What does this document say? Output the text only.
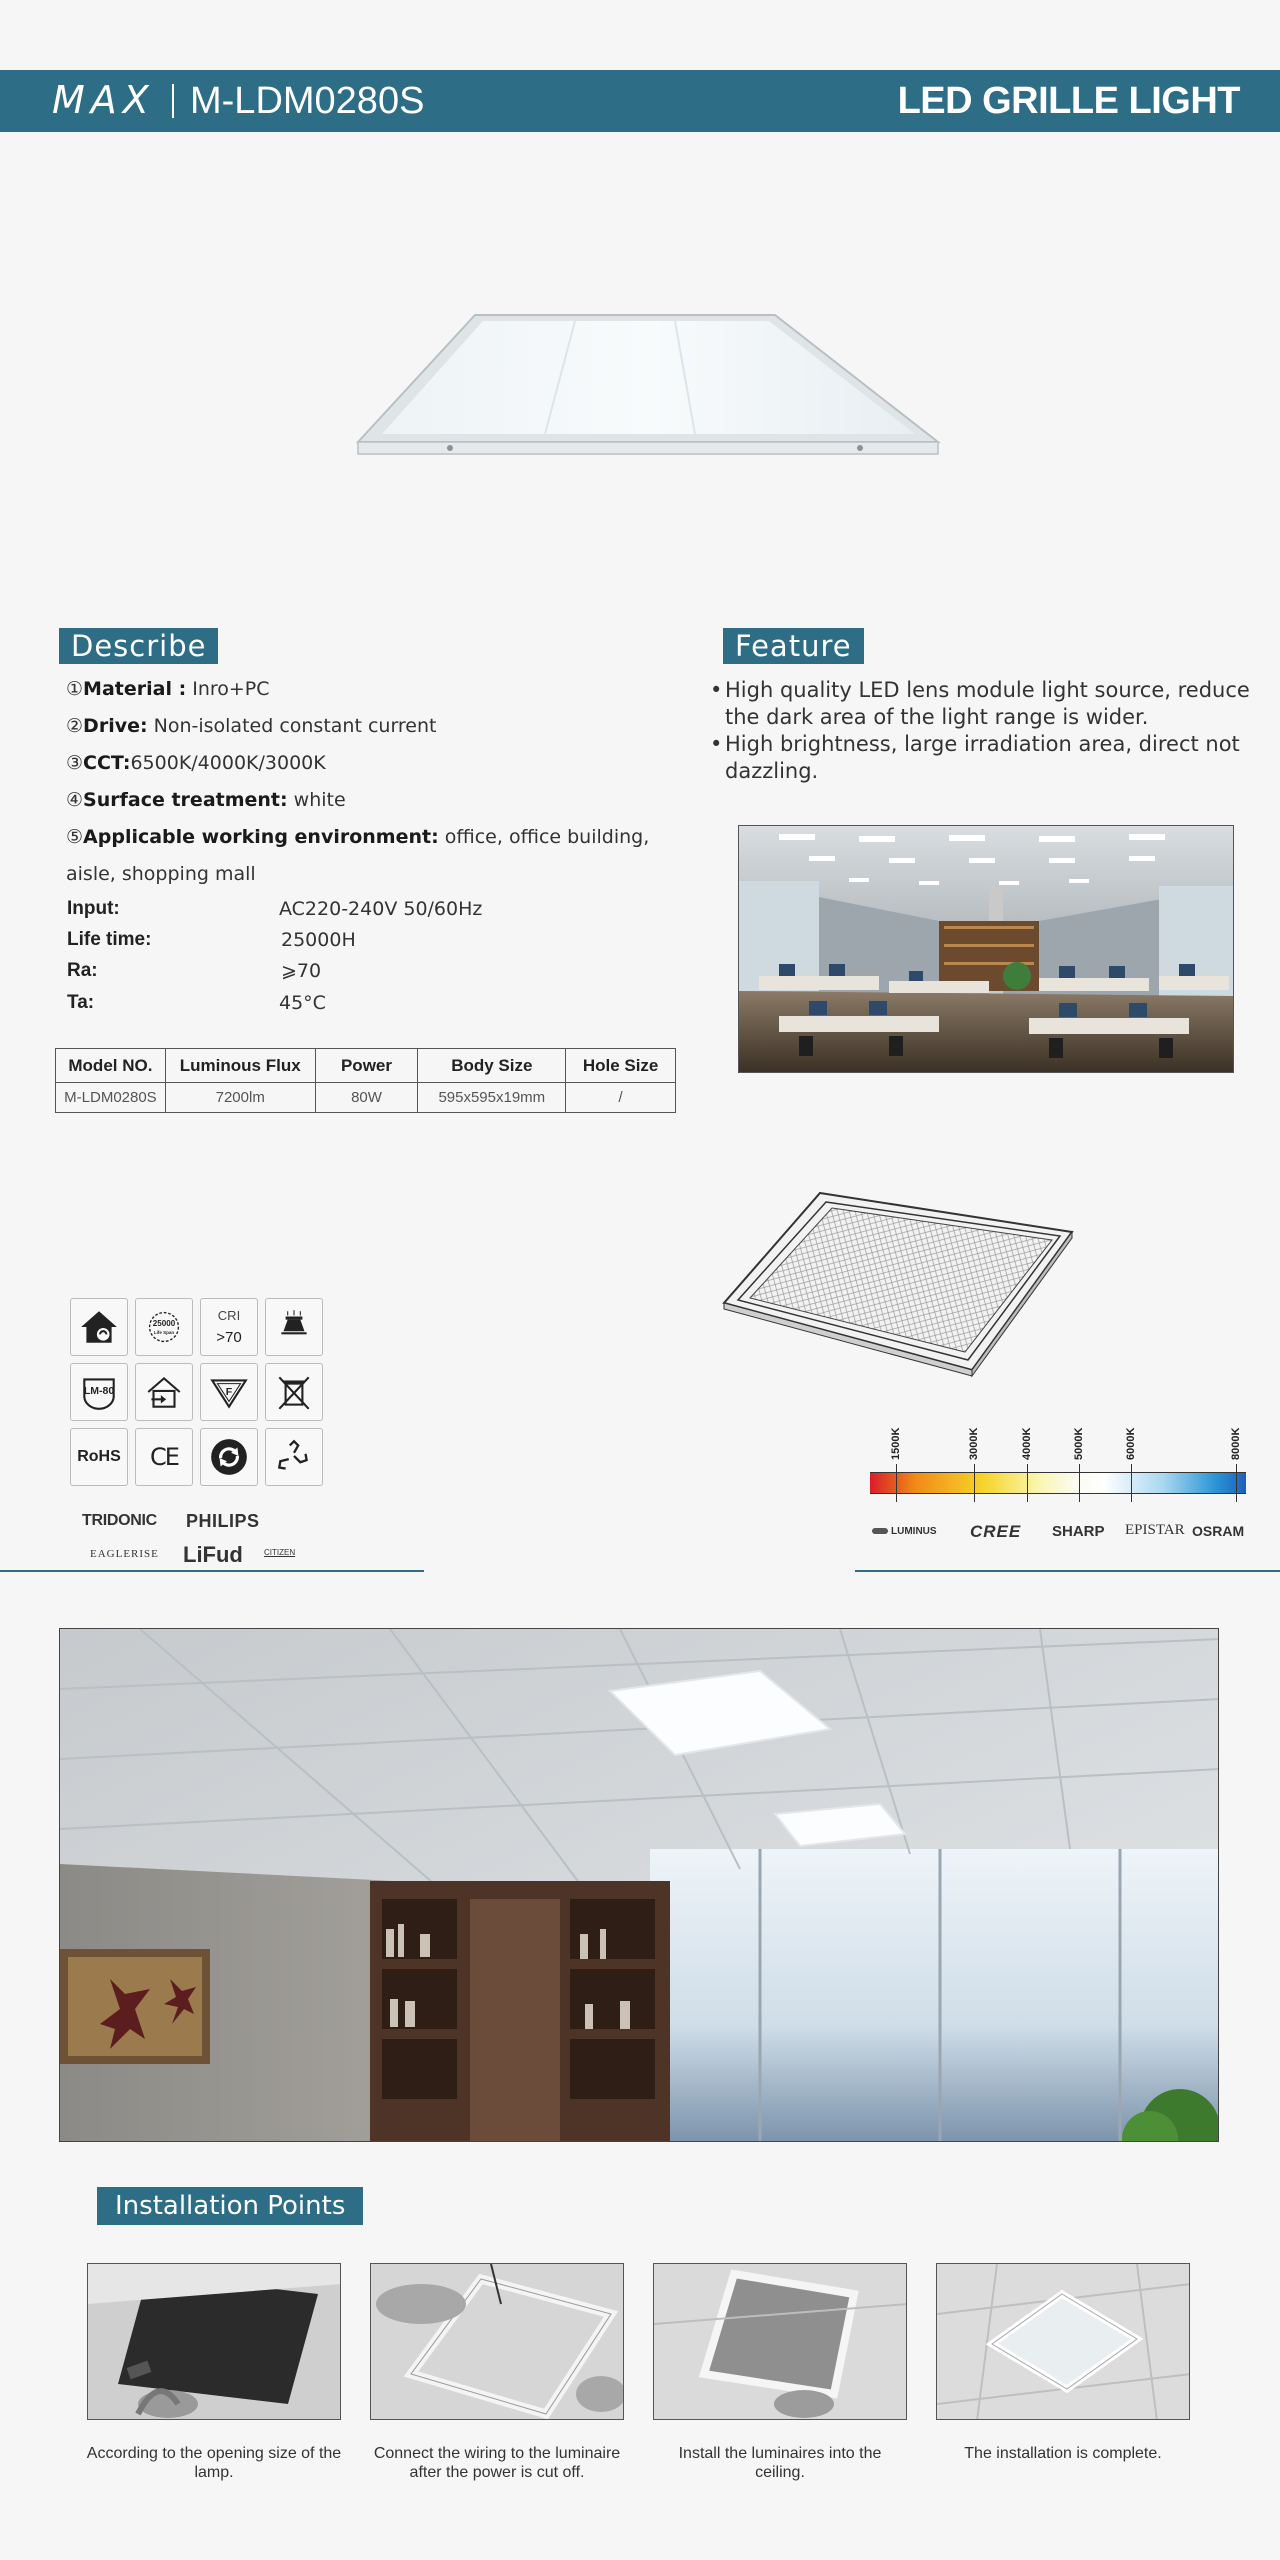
MAX M-LDM0280S	LED GRILLE LIGHT
Describe
①Material : Inro+PC
②Drive: Non-isolated constant current
③CCT:6500K/4000K/3000K
④Surface treatment: white
⑤Applicable working environment: office, office building,
aisle, shopping mall
Input:	AC220-240V 50/60Hz
Life time:	25000H
Ra:	⩾70
Ta:	45°C
Model NO.	Luminous Flux	Power	Body Size	Hole Size
M-LDM0280S	7200lm	80W	595x595x19mm	/
Feature
• High quality LED lens module light source, reduce the dark area of the light range is wider.
• High brightness, large irradiation area, direct not dazzling.
25000
Life Span
CRI
>70
LM-80	F
RoHS	CE
TRIDONIC PHILIPS
EAGLERISE LiFud	CITIZEN
1500K	3000K	4000K	5000K	6000K	8000K
LUMINUS CREE SHARP EPISTAR OSRAM
Installation Points
According to the opening size of the lamp.
Connect the wiring to the luminaire after the power is cut off.
Install the luminaires into the ceiling.
The installation is complete.
